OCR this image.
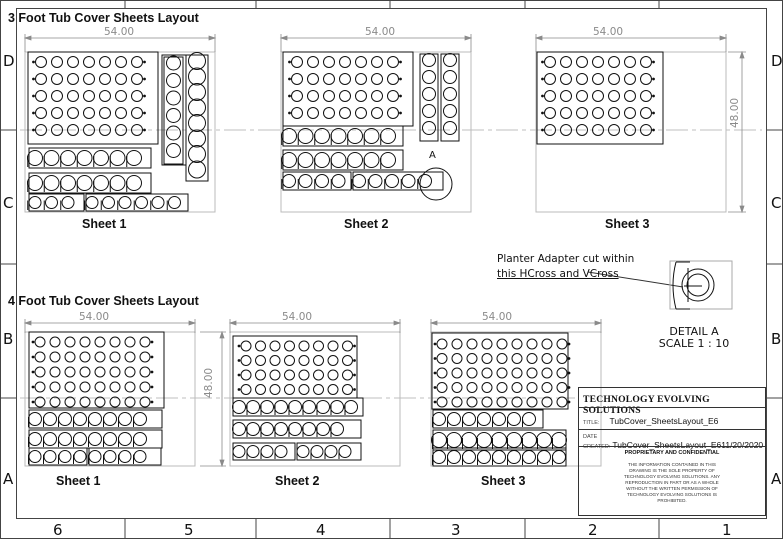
D
C
B
A
D
C
B
A
6	5	4	3	2	1
3 Foot Tub Cover Sheets Layout
4 Foot Tub Cover Sheets Layout
54.00	54.00	54.00
48.00
54.00	54.00	54.00
48.00
Sheet 1	Sheet 2	Sheet 3
Sheet 1	Sheet 2	Sheet 3
A
Planter Adapter cut within
this HCross and VCross
DETAIL A
SCALE 1 : 10
TECHNOLOGY EVOLVING SOLUTIONS
TITLE: TubCover_SheetsLayout_E6
DATE CREATED: TubCover_SheetsLayout_E611/20/2020
PROPRIETARY AND CONFIDENTIAL
THE INFORMATION CONTAINED IN THIS
DRAWING IS THE SOLE PROPERTY OF
TECHNOLOGY EVOLVING SOLUTIONS. ANY
REPRODUCTION IN PART OR AS A WHOLE
WITHOUT THE WRITTEN PERMISSION OF
TECHNOLOGY EVOLVING SOLUTIONS IS
PROHIBITED.
